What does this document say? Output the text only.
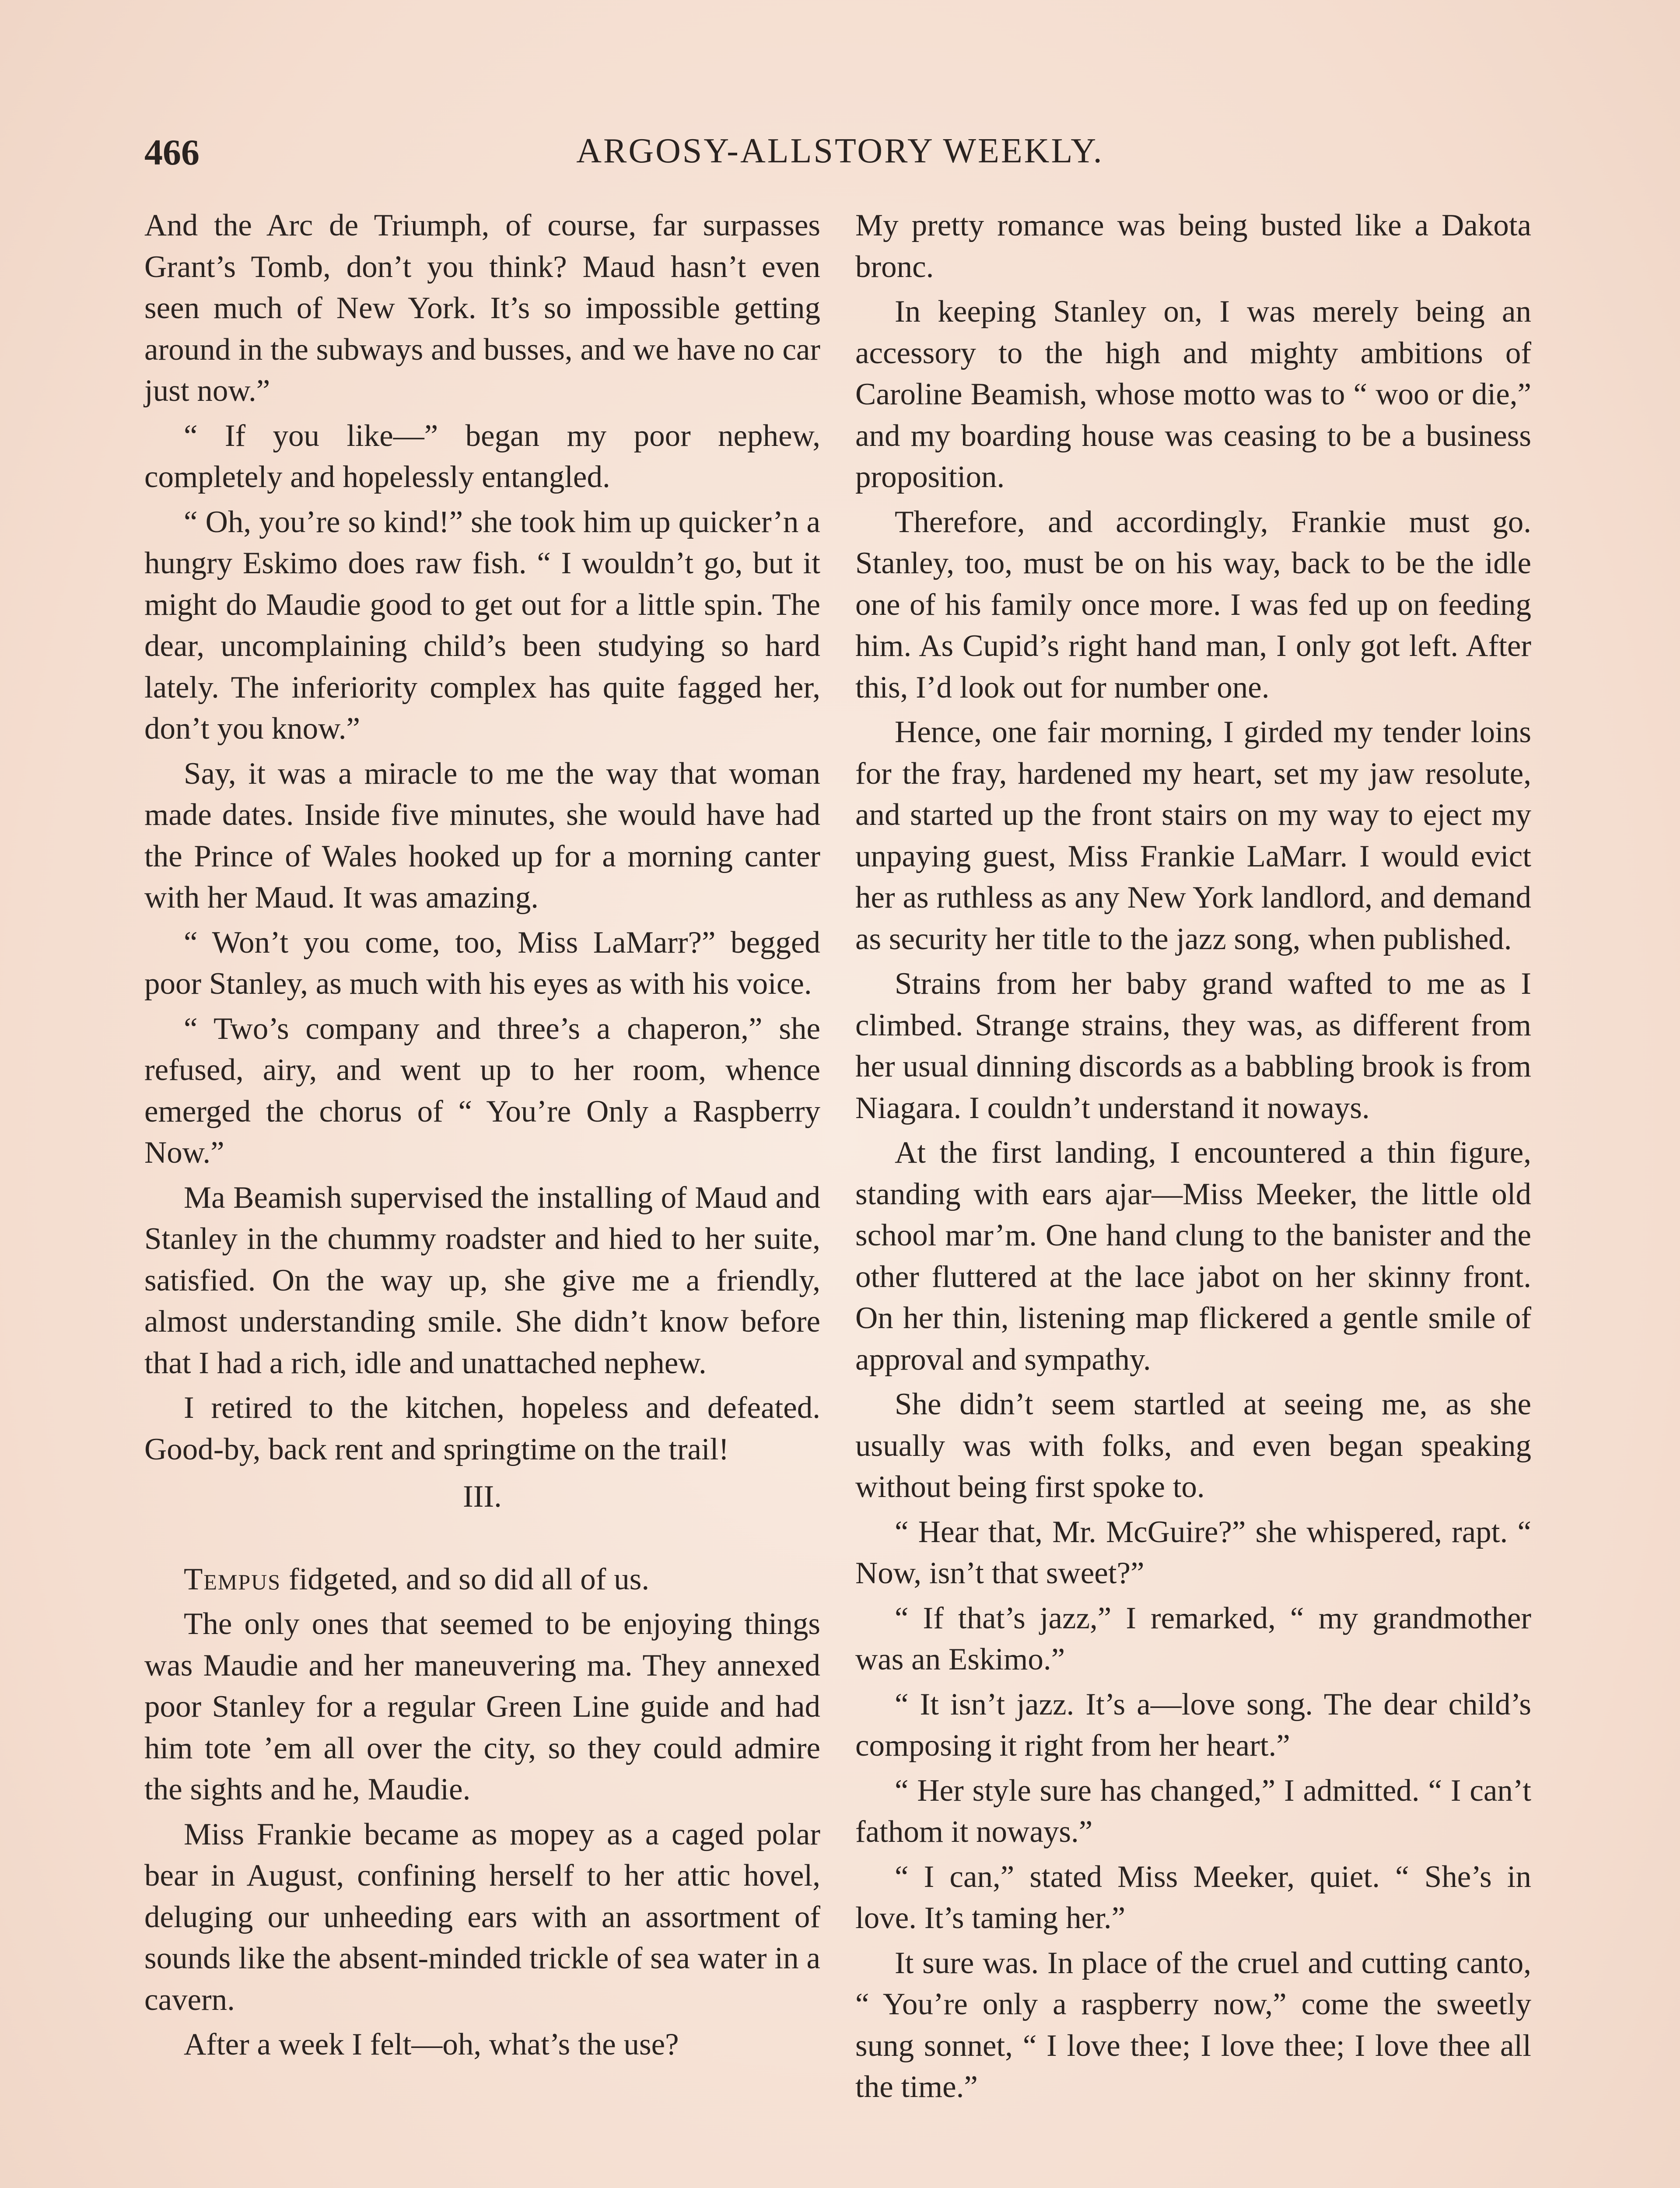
466	ARGOSY-ALLSTORY WEEKLY.

And the Arc de Triumph, of course, far surpasses Grant’s Tomb, don’t you think? Maud hasn’t even seen much of New York. It’s so impossible getting around in the subways and busses, and we have no car just now.”

“ If you like—” began my poor nephew, completely and hopelessly entangled.

“ Oh, you’re so kind!” she took him up quicker’n a hungry Eskimo does raw fish. “ I wouldn’t go, but it might do Maudie good to get out for a little spin. The dear, uncomplaining child’s been studying so hard lately. The inferiority complex has quite fagged her, don’t you know.”

Say, it was a miracle to me the way that woman made dates. Inside five minutes, she would have had the Prince of Wales hooked up for a morning canter with her Maud. It was amazing.

“ Won’t you come, too, Miss LaMarr?” begged poor Stanley, as much with his eyes as with his voice.

“ Two’s company and three’s a chaperon,” she refused, airy, and went up to her room, whence emerged the chorus of “ You’re Only a Raspberry Now.”

Ma Beamish supervised the installing of Maud and Stanley in the chummy roadster and hied to her suite, satisfied. On the way up, she give me a friendly, almost understanding smile. She didn’t know before that I had a rich, idle and unattached nephew.

I retired to the kitchen, hopeless and defeated. Good-by, back rent and springtime on the trail!

III.

Tempus fidgeted, and so did all of us.

The only ones that seemed to be enjoying things was Maudie and her maneuvering ma. They annexed poor Stanley for a regular Green Line guide and had him tote ’em all over the city, so they could admire the sights and he, Maudie.

Miss Frankie became as mopey as a caged polar bear in August, confining herself to her attic hovel, deluging our unheeding ears with an assortment of sounds like the absent-minded trickle of sea water in a cavern.

After a week I felt—oh, what’s the use?

My pretty romance was being busted like a Dakota bronc.

In keeping Stanley on, I was merely being an accessory to the high and mighty ambitions of Caroline Beamish, whose motto was to “ woo or die,” and my boarding house was ceasing to be a business proposition.

Therefore, and accordingly, Frankie must go. Stanley, too, must be on his way, back to be the idle one of his family once more. I was fed up on feeding him. As Cupid’s right hand man, I only got left. After this, I’d look out for number one.

Hence, one fair morning, I girded my tender loins for the fray, hardened my heart, set my jaw resolute, and started up the front stairs on my way to eject my unpaying guest, Miss Frankie LaMarr. I would evict her as ruthless as any New York landlord, and demand as security her title to the jazz song, when published.

Strains from her baby grand wafted to me as I climbed. Strange strains, they was, as different from her usual dinning discords as a babbling brook is from Niagara. I couldn’t understand it noways.

At the first landing, I encountered a thin figure, standing with ears ajar—Miss Meeker, the little old school mar’m. One hand clung to the banister and the other fluttered at the lace jabot on her skinny front. On her thin, listening map flickered a gentle smile of approval and sympathy.

She didn’t seem startled at seeing me, as she usually was with folks, and even began speaking without being first spoke to.

“ Hear that, Mr. McGuire?” she whispered, rapt. “ Now, isn’t that sweet?”

“ If that’s jazz,” I remarked, “ my grandmother was an Eskimo.”

“ It isn’t jazz. It’s a—love song. The dear child’s composing it right from her heart.”

“ Her style sure has changed,” I admitted. “ I can’t fathom it noways.”

“ I can,” stated Miss Meeker, quiet. “ She’s in love. It’s taming her.”

It sure was. In place of the cruel and cutting canto, “ You’re only a raspberry now,” come the sweetly sung sonnet, “ I love thee; I love thee; I love thee all the time.”
